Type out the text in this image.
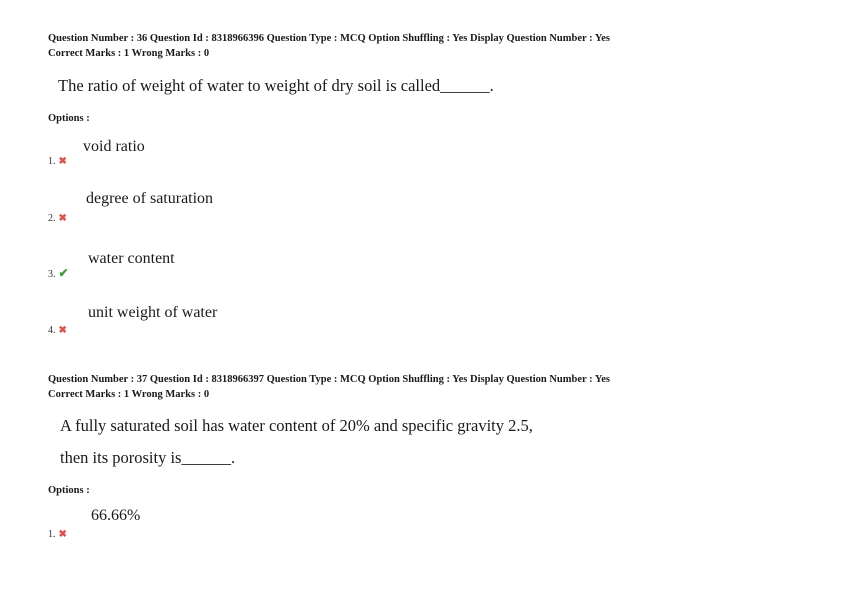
Question Number : 36 Question Id : 8318966396 Question Type : MCQ Option Shuffling : Yes Display Question Number : Yes
Correct Marks : 1 Wrong Marks : 0
The ratio of weight of water to weight of dry soil is called______.
Options :
void ratio
1. ✖
degree of saturation
2. ✖
water content
3. ✔
unit weight of water
4. ✖
Question Number : 37 Question Id : 8318966397 Question Type : MCQ Option Shuffling : Yes Display Question Number : Yes
Correct Marks : 1 Wrong Marks : 0
A fully saturated soil has water content of 20% and specific gravity 2.5,
then its porosity is______.
Options :
66.66%
1. ✖
